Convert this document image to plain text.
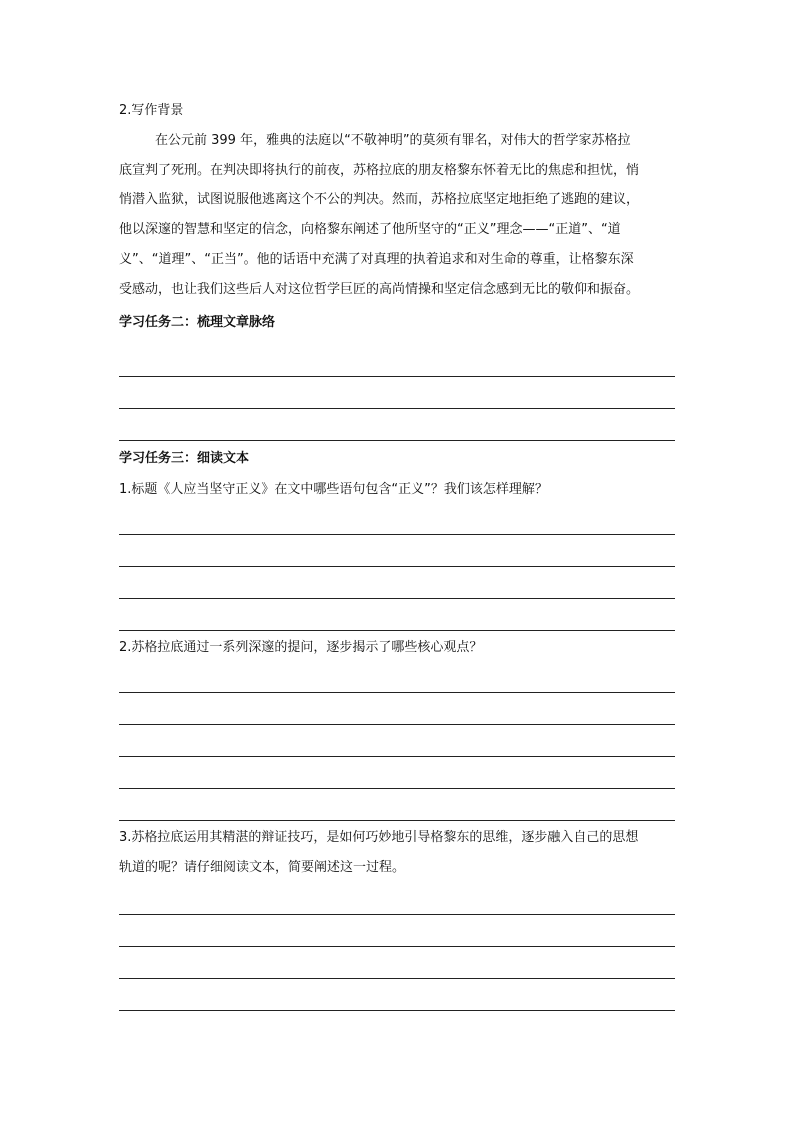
2.写作背景
在公元前 399 年，雅典的法庭以“不敬神明”的莫须有罪名，对伟大的哲学家苏格拉
底宣判了死刑。在判决即将执行的前夜，苏格拉底的朋友格黎东怀着无比的焦虑和担忧，悄
悄潜入监狱，试图说服他逃离这个不公的判决。然而，苏格拉底坚定地拒绝了逃跑的建议，
他以深邃的智慧和坚定的信念，向格黎东阐述了他所坚守的“正义”理念——“正道”、“道
义”、“道理”、“正当”。他的话语中充满了对真理的执着追求和对生命的尊重，让格黎东深
受感动，也让我们这些后人对这位哲学巨匠的高尚情操和坚定信念感到无比的敬仰和振奋。
学习任务二：梳理文章脉络
学习任务三：细读文本
1.标题《人应当坚守正义》在文中哪些语句包含“正义”？我们该怎样理解？
2.苏格拉底通过一系列深邃的提问，逐步揭示了哪些核心观点？
3.苏格拉底运用其精湛的辩证技巧，是如何巧妙地引导格黎东的思维，逐步融入自己的思想
轨道的呢？请仔细阅读文本，简要阐述这一过程。
